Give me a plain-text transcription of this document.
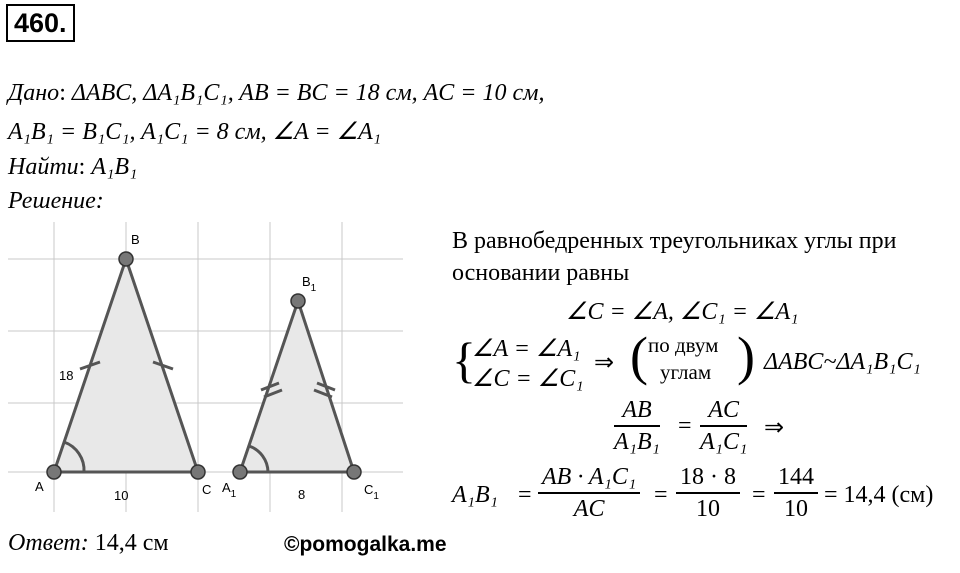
460.
Дано: ΔABC, ΔA₁B₁C₁, AB = BC = 18 см, AC = 10 см,
A₁B₁ = B₁C₁, A₁C₁ = 8 см, ∠A = ∠A₁
Найти: A₁B₁
Решение:
B
A	C
18
10
$B_1$
$A_1$	$C_1$
8
В равнобедренных треугольниках углы при
основании равны
∠C = ∠A, ∠C₁ = ∠A₁
{
∠A = ∠A₁
∠C = ∠C₁
⇒ ( по двум
углам ) ΔABC~ΔA₁B₁C₁
$\frac{AB}{\text{A₁B₁}} = \frac{AC}{\text{A₁C₁}}$ ⇒
$A_1B_1 = \frac{\text{AB · A₁C₁}}{AC} = \frac{18 \cdot 8}{10} = \frac{144}{10} = 14,4$ (см)
Ответ: 14,4 см	©pomogalka.me
